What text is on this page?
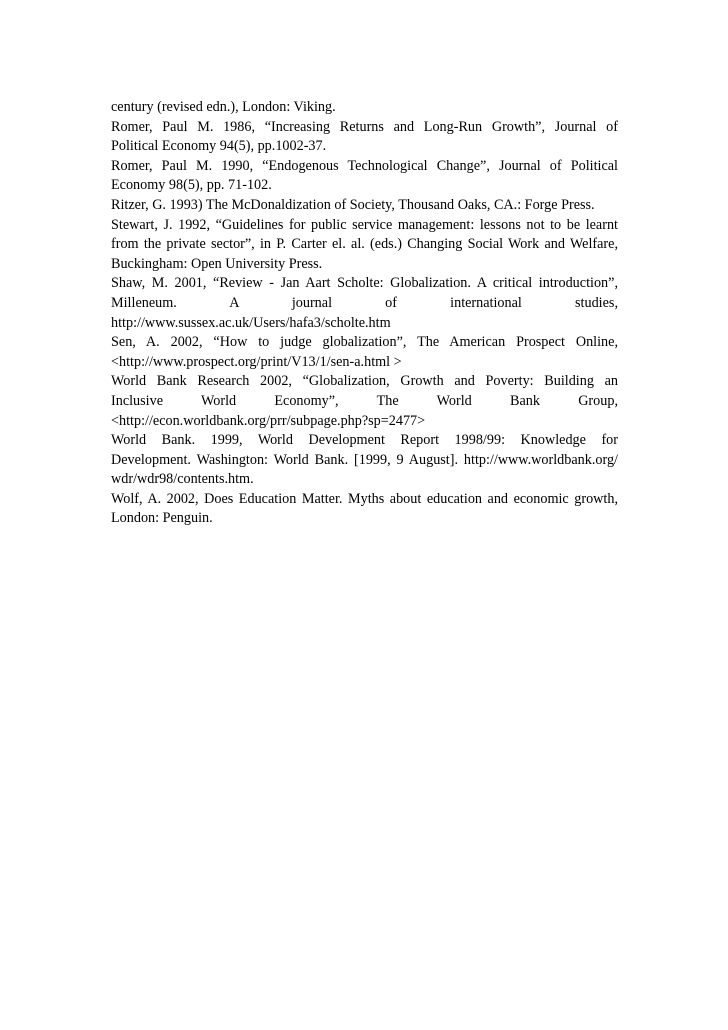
century (revised edn.), London: Viking.
Romer, Paul M. 1986, “Increasing Returns and Long-Run Growth”, Journal of
Political Economy 94(5), pp.1002-37.
Romer, Paul M. 1990, “Endogenous Technological Change”, Journal of Political
Economy 98(5), pp. 71-102.
Ritzer, G. 1993) The McDonaldization of Society, Thousand Oaks, CA.: Forge Press.
Stewart, J. 1992, “Guidelines for public service management: lessons not to be learnt
from the private sector”, in P. Carter el. al. (eds.) Changing Social Work and Welfare,
Buckingham: Open University Press.
Shaw, M. 2001, “Review - Jan Aart Scholte: Globalization. A critical introduction”,
Milleneum. A journal of international studies,
http://www.sussex.ac.uk/Users/hafa3/scholte.htm
Sen, A. 2002, “How to judge globalization”, The American Prospect Online,
<http://www.prospect.org/print/V13/1/sen-a.html >
World Bank Research 2002, “Globalization, Growth and Poverty: Building an
Inclusive World Economy”, The World Bank Group,
<http://econ.worldbank.org/prr/subpage.php?sp=2477>
World Bank. 1999, World Development Report 1998/99: Knowledge for
Development. Washington: World Bank. [1999, 9 August]. http://www.worldbank.org/
wdr/wdr98/contents.htm.
Wolf, A. 2002, Does Education Matter. Myths about education and economic growth,
London: Penguin.
